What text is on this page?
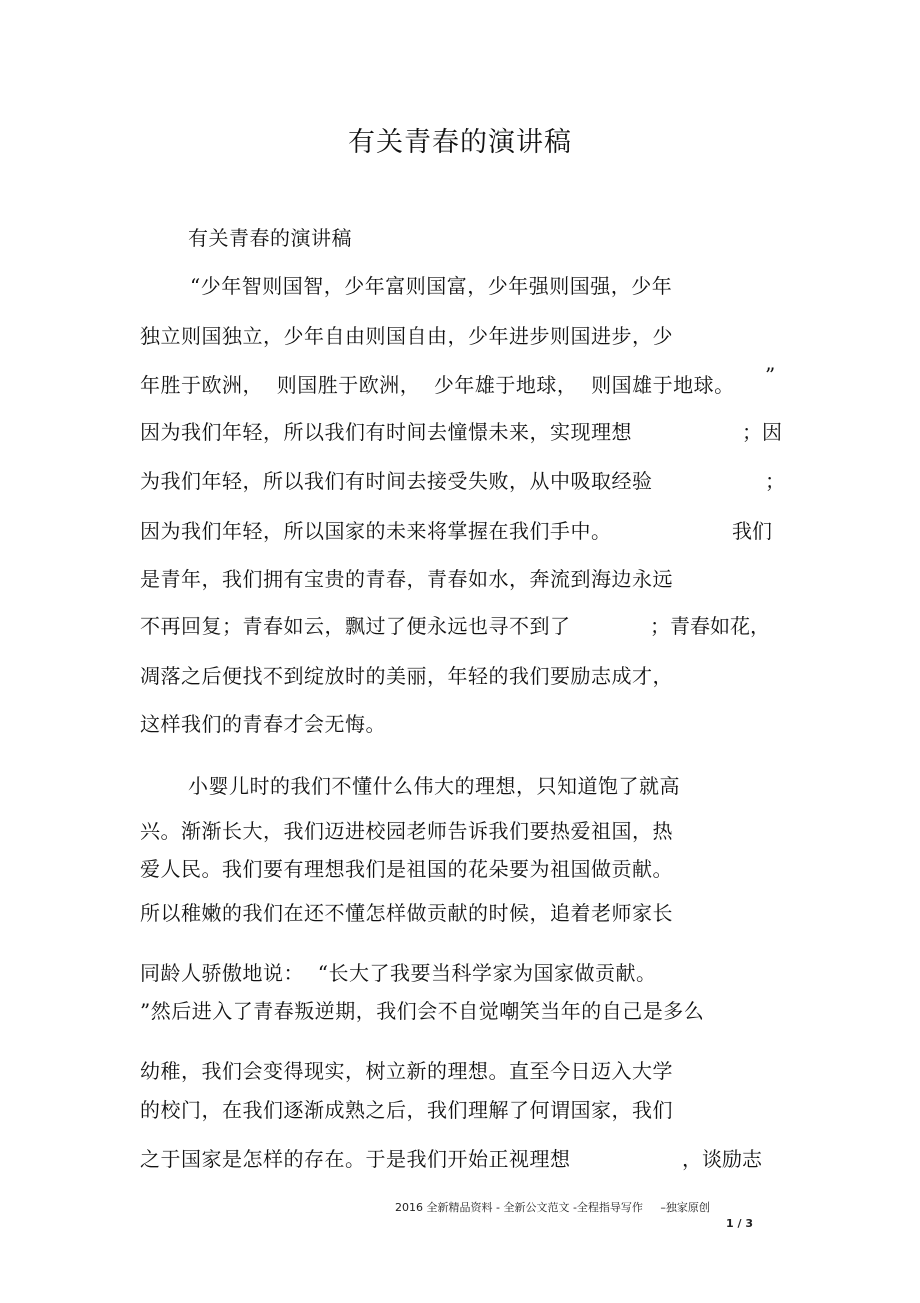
有关青春的演讲稿
有关青春的演讲稿
“少年智则国智，少年富则国富，少年强则国强，少年
独立则国独立，少年自由则国自由，少年进步则国进步，少
年胜于欧洲，  则国胜于欧洲，  少年雄于地球，  则国雄于地球。 ”
因为我们年轻，所以我们有时间去憧憬未来，实现理想	；因
为我们年轻，所以我们有时间去接受失败，从中吸取经验	；
因为我们年轻，所以国家的未来将掌握在我们手中。	我们
是青年，我们拥有宝贵的青春，青春如水，奔流到海边永远
不再回复；青春如云，飘过了便永远也寻不到了	；青春如花，
凋落之后便找不到绽放时的美丽，年轻的我们要励志成才，
这样我们的青春才会无悔。
小婴儿时的我们不懂什么伟大的理想，只知道饱了就高
兴。渐渐长大，我们迈进校园老师告诉我们要热爱祖国，热
爱人民。我们要有理想我们是祖国的花朵要为祖国做贡献。
所以稚嫩的我们在还不懂怎样做贡献的时候，追着老师家长
同龄人骄傲地说：  “长大了我要当科学家为国家做贡献。
”然后进入了青春叛逆期，我们会不自觉嘲笑当年的自己是多么
幼稚，我们会变得现实，树立新的理想。直至今日迈入大学
的校门，在我们逐渐成熟之后，我们理解了何谓国家，我们
之于国家是怎样的存在。于是我们开始正视理想	，谈励志
2016 全新精品资料 - 全新公文范文 -全程指导写作     –独家原创
1 / 3
